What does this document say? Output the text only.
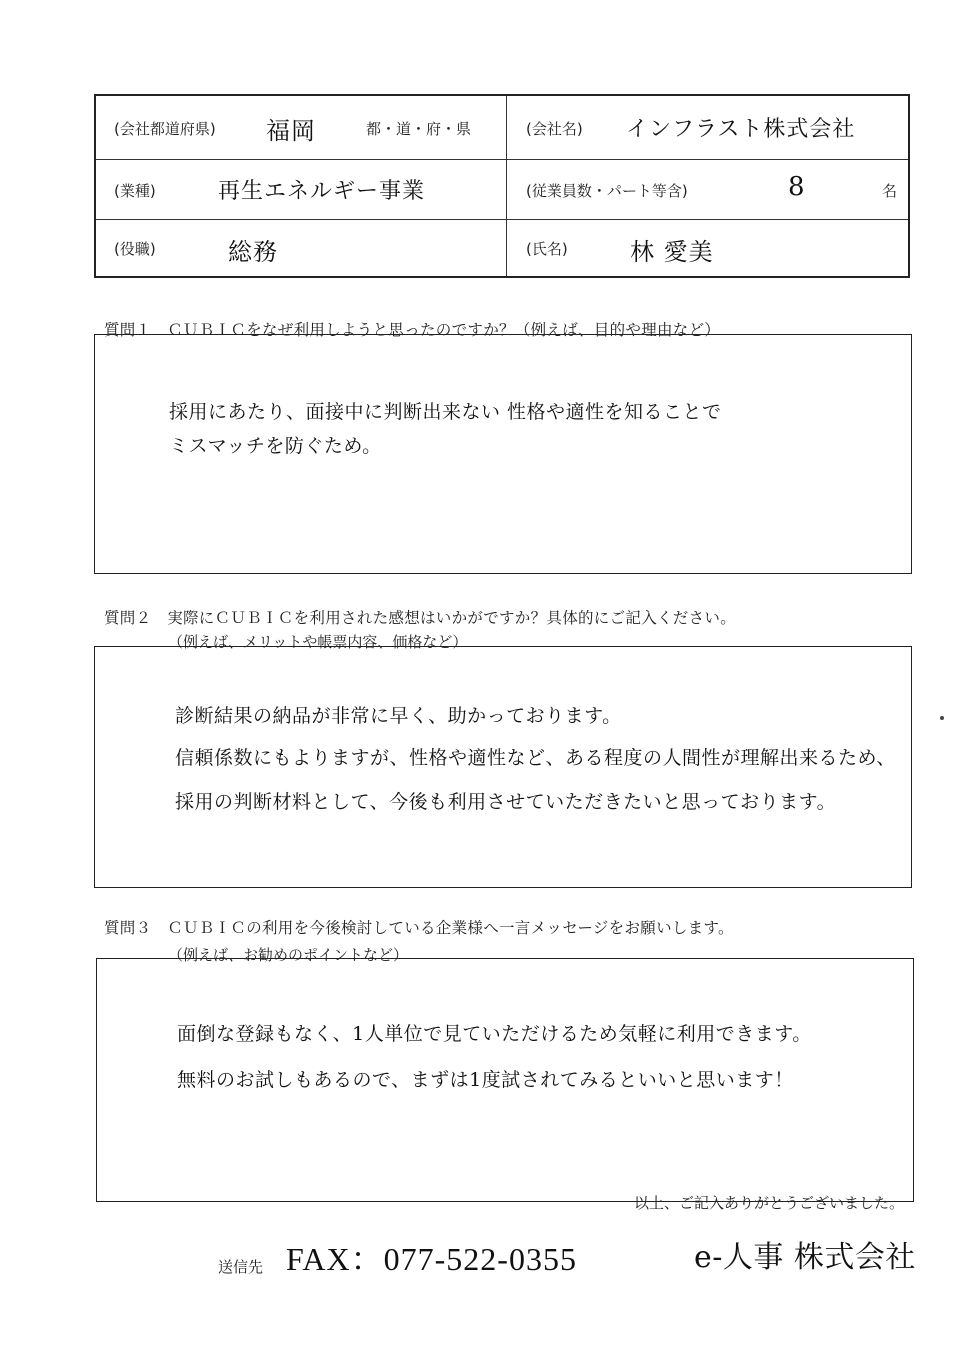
(会社都道府県) 福岡	都・道・府・県	(会社名) インフラスト株式会社
(業種)	再生エネルギー事業	(従業員数・パート等含)	8	名
(役職)	総務	(氏名)	林 愛美
質問１　ＣＵＢＩＣをなぜ利用しようと思ったのですか？（例えば、目的や理由など）
採用にあたり、面接中に判断出来ない 性格や適性を知ることで
ミスマッチを防ぐため。
質問２　実際にＣＵＢＩＣを利用された感想はいかがですか？具体的にご記入ください。
（例えば、メリットや帳票内容、価格など）
診断結果の納品が非常に早く、助かっております。
信頼係数にもよりますが、性格や適性など、ある程度の人間性が理解出来るため、
採用の判断材料として、今後も利用させていただきたいと思っております。
質問３　ＣＵＢＩＣの利用を今後検討している企業様へ一言メッセージをお願いします。
（例えば、お勧めのポイントなど）
面倒な登録もなく、1人単位で見ていただけるため気軽に利用できます。
無料のお試しもあるので、まずは1度試されてみるといいと思います！
以上、ご記入ありがとうございました。
送信先 FAX：077-522-0355	e-人事 株式会社
